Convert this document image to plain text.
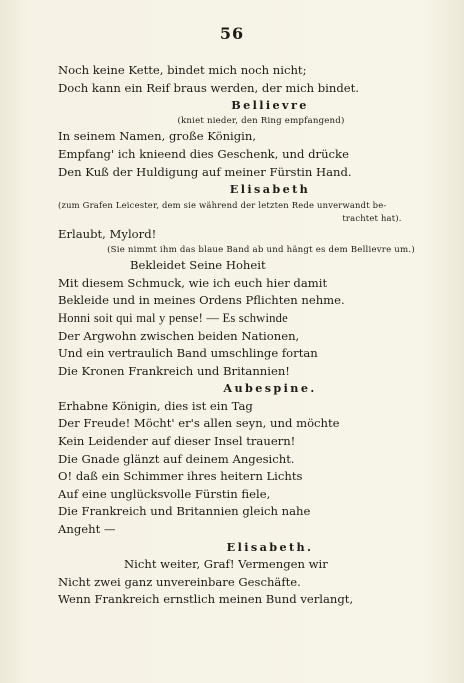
56
Noch keine Kette, bindet mich noch nicht;
Doch kann ein Reif braus werden, der mich bindet.
Bellievre
(kniet nieder, den Ring empfangend)
In seinem Namen, große Königin,
Empfang' ich knieend dies Geschenk, und drücke
Den Kuß der Huldigung auf meiner Fürstin Hand.
Elisabeth
(zum Grafen Leicester, dem sie während der letzten Rede unverwandt be-
trachtet hat).
Erlaubt, Mylord!
(Sie nimmt ihm das blaue Band ab und hängt es dem Bellievre um.)
Bekleidet Seine Hoheit
Mit diesem Schmuck, wie ich euch hier damit
Bekleide und in meines Ordens Pflichten nehme.
Honni soit qui mal y pense! — Es schwinde
Der Argwohn zwischen beiden Nationen,
Und ein vertraulich Band umschlinge fortan
Die Kronen Frankreich und Britannien!
Aubespine.
Erhabne Königin, dies ist ein Tag
Der Freude! Möcht' er's allen seyn, und möchte
Kein Leidender auf dieser Insel trauern!
Die Gnade glänzt auf deinem Angesicht.
O! daß ein Schimmer ihres heitern Lichts
Auf eine unglücksvolle Fürstin fiele,
Die Frankreich und Britannien gleich nahe
Angeht —
Elisabeth.
Nicht weiter, Graf! Vermengen wir
Nicht zwei ganz unvereinbare Geschäfte.
Wenn Frankreich ernstlich meinen Bund verlangt,
